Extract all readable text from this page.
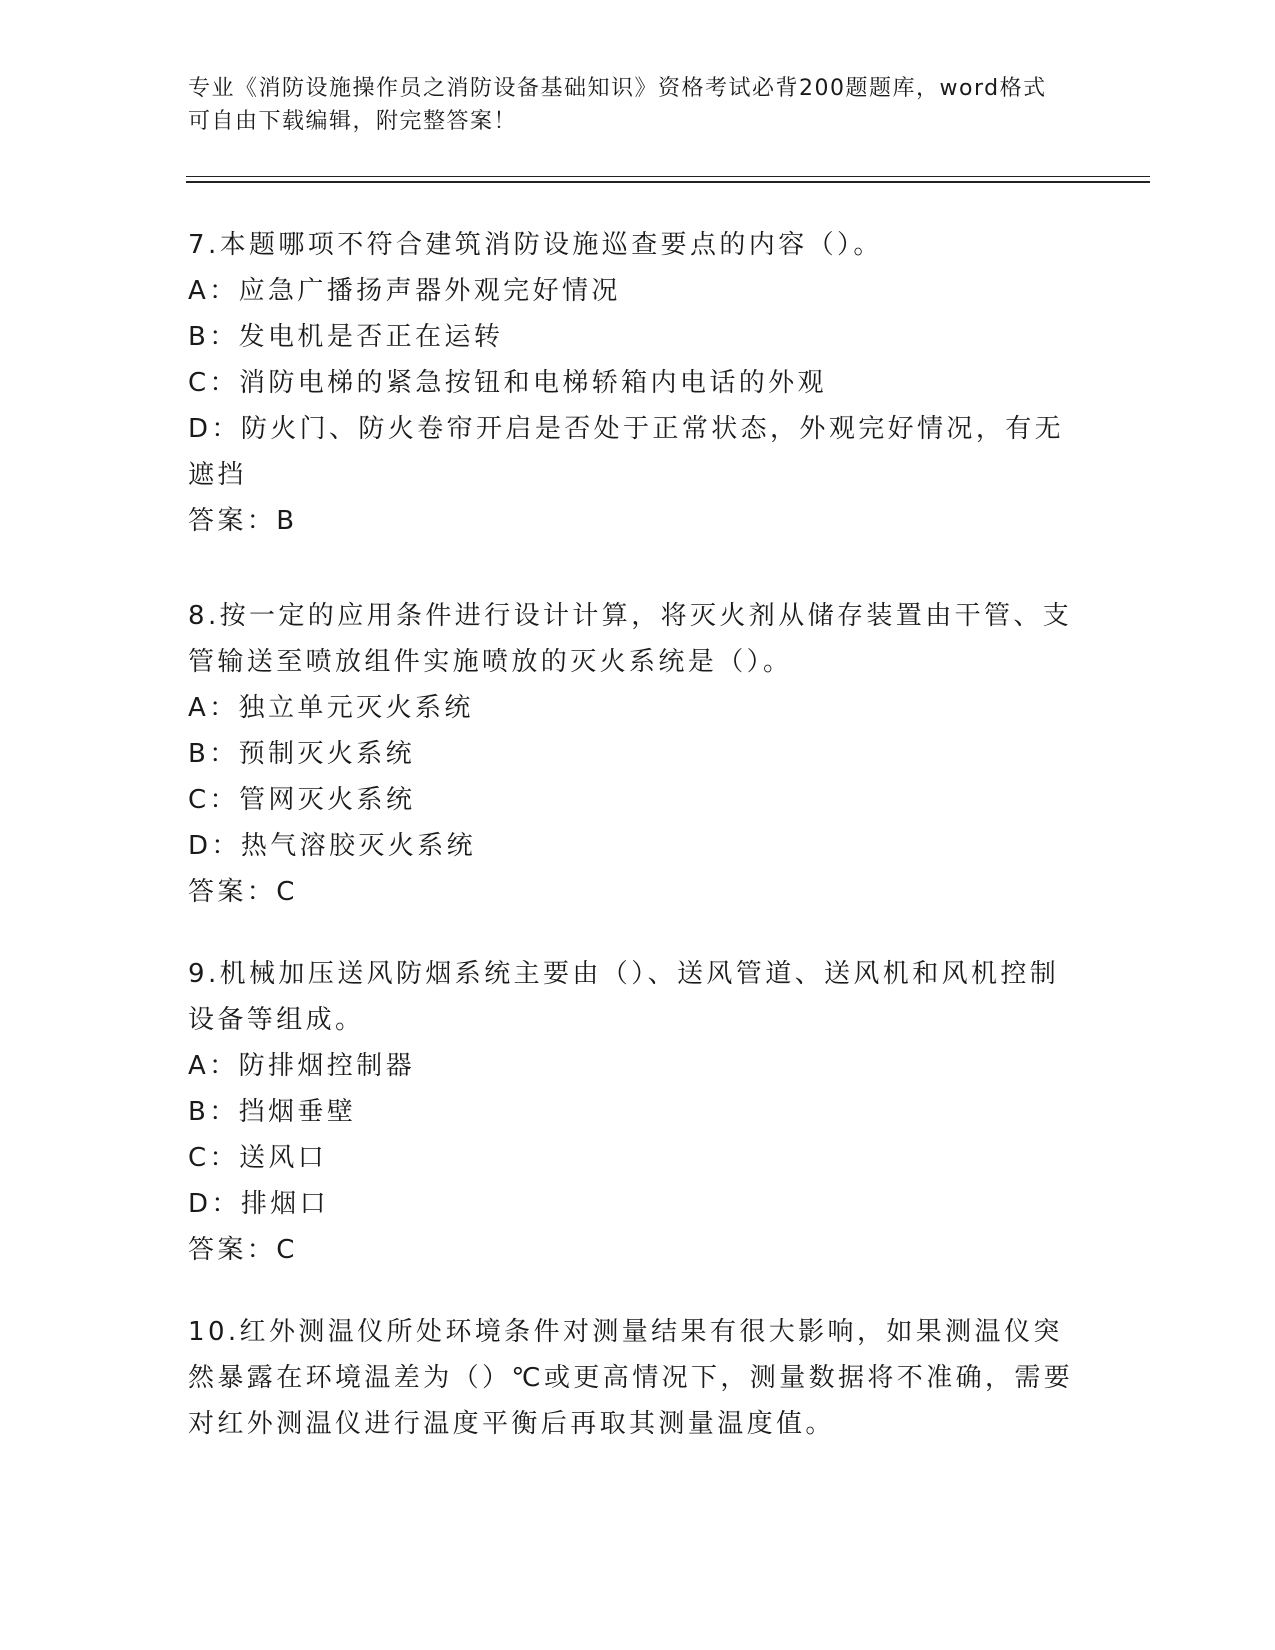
专业《消防设施操作员之消防设备基础知识》资格考试必背200题题库，word格式可自由下载编辑，附完整答案！
7.本题哪项不符合建筑消防设施巡查要点的内容（）。
A：应急广播扬声器外观完好情况
B：发电机是否正在运转
C：消防电梯的紧急按钮和电梯轿箱内电话的外观
D：防火门、防火卷帘开启是否处于正常状态，外观完好情况，有无遮挡
答案：B
8.按一定的应用条件进行设计计算，将灭火剂从储存装置由干管、支管输送至喷放组件实施喷放的灭火系统是（）。
A：独立单元灭火系统
B：预制灭火系统
C：管网灭火系统
D：热气溶胶灭火系统
答案：C
9.机械加压送风防烟系统主要由（）、送风管道、送风机和风机控制设备等组成。
A：防排烟控制器
B：挡烟垂壁
C：送风口
D：排烟口
答案：C
10.红外测温仪所处环境条件对测量结果有很大影响，如果测温仪突然暴露在环境温差为（）℃或更高情况下，测量数据将不准确，需要对红外测温仪进行温度平衡后再取其测量温度值。
